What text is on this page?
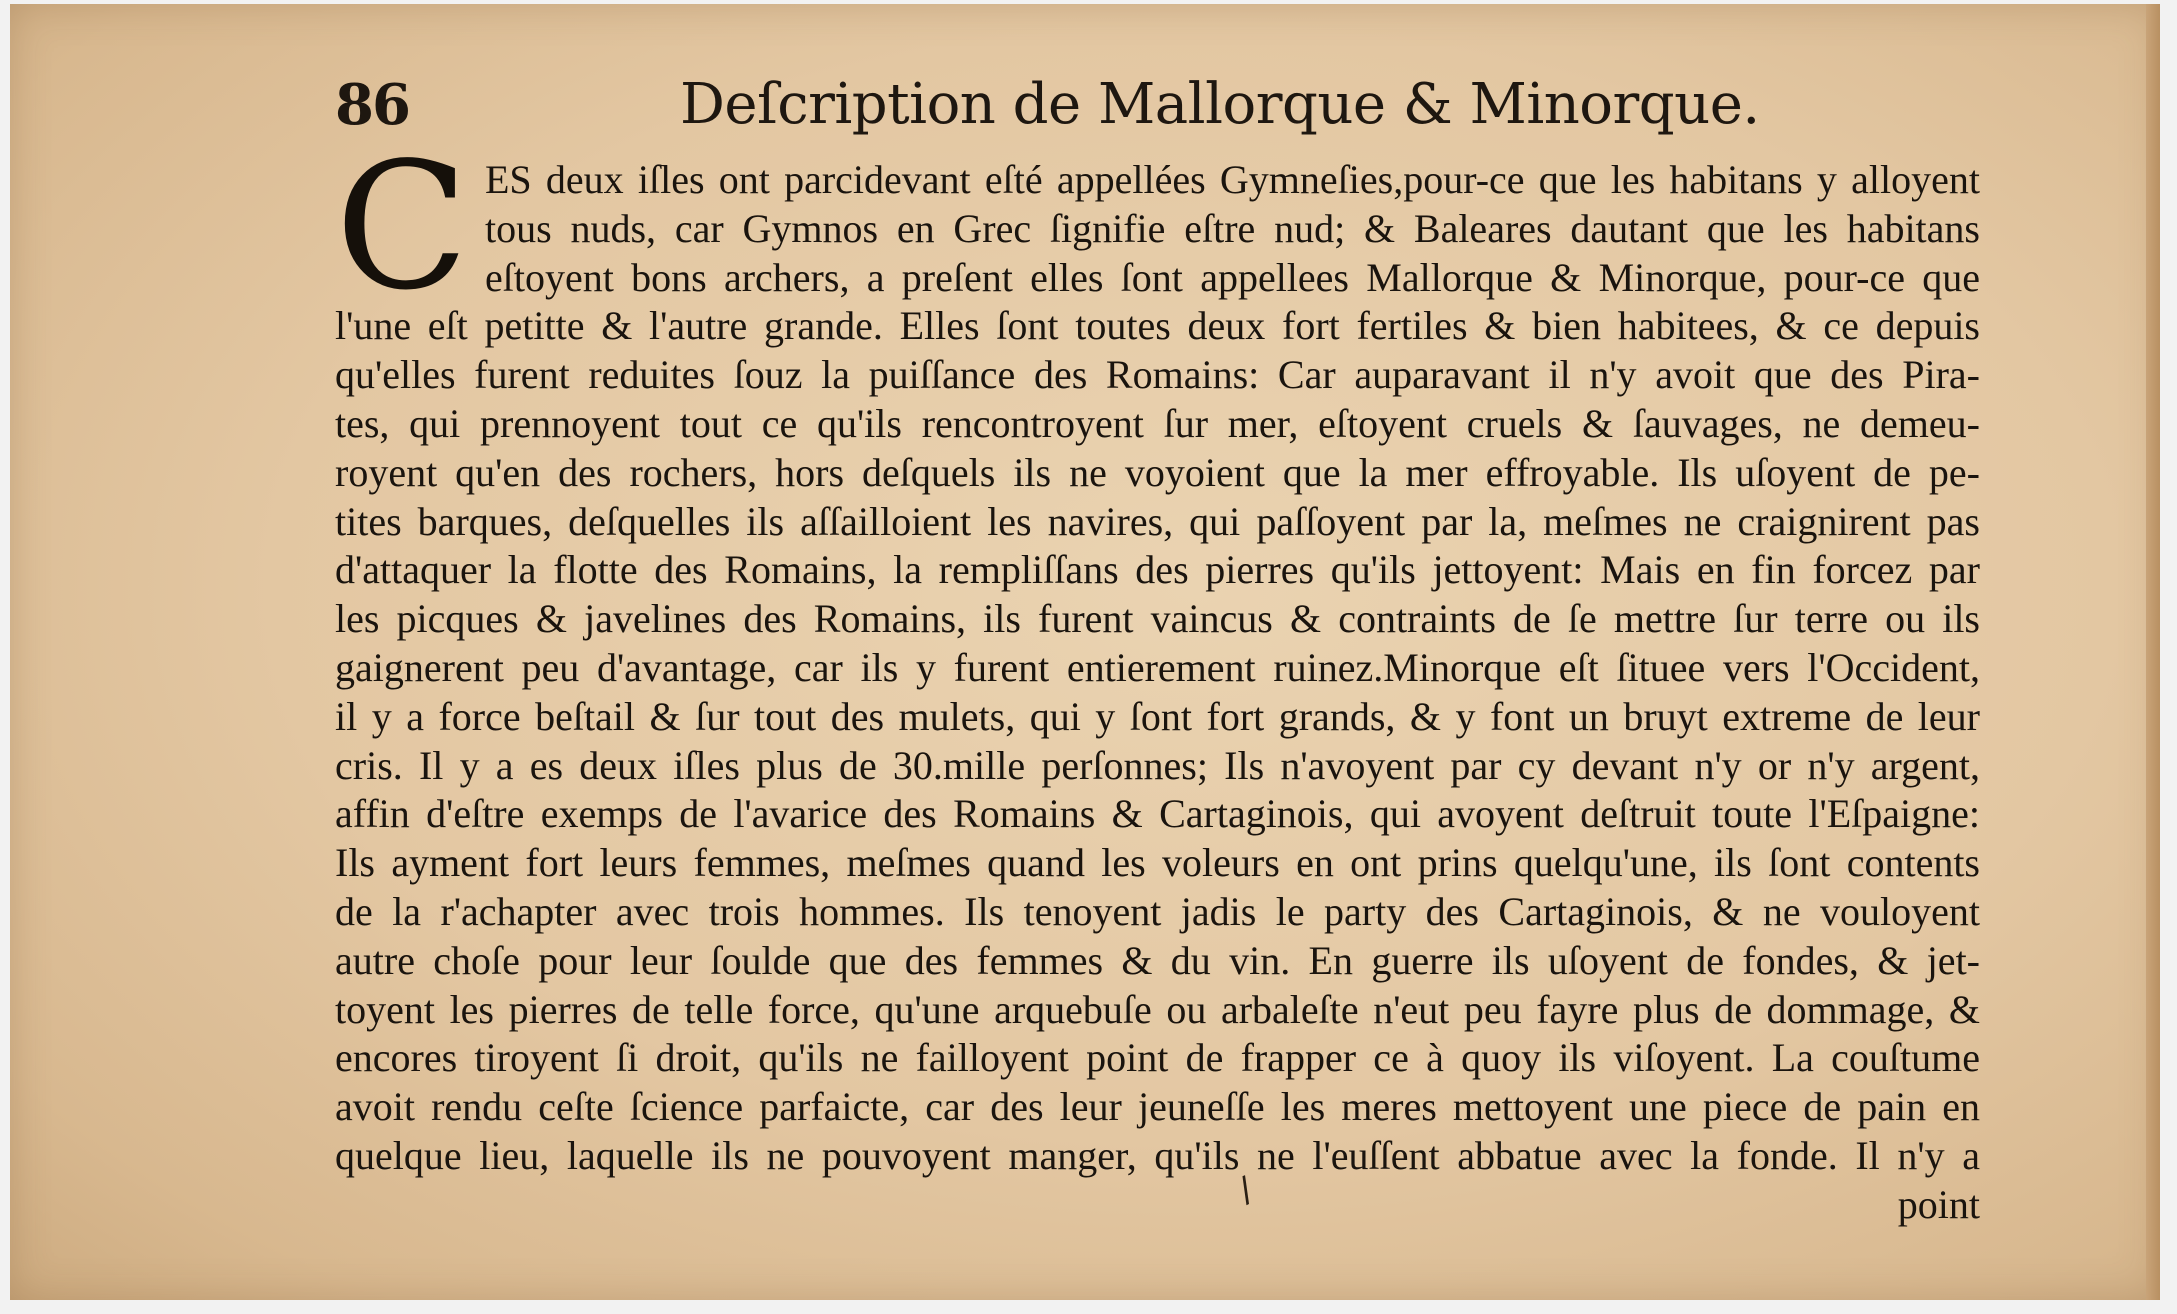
86	Deſcription de Mallorque & Minorque.
C ES deux iſles ont parcidevant eſté appellées Gymneſies,pour-ce que les habitans y alloyent
tous nuds, car Gymnos en Grec ſignifie eſtre nud; & Baleares dautant que les habitans
eſtoyent bons archers, a preſent elles ſont appellees Mallorque & Minorque, pour-ce que
l'une eſt petitte & l'autre grande. Elles ſont toutes deux fort fertiles & bien habitees, & ce depuis
qu'elles furent reduites ſouz la puiſſance des Romains: Car auparavant il n'y avoit que des Pira-
tes, qui prennoyent tout ce qu'ils rencontroyent ſur mer, eſtoyent cruels & ſauvages, ne demeu-
royent qu'en des rochers, hors deſquels ils ne voyoient que la mer effroyable. Ils uſoyent de pe-
tites barques, deſquelles ils aſſailloient les navires, qui paſſoyent par la, meſmes ne craignirent pas
d'attaquer la flotte des Romains, la rempliſſans des pierres qu'ils jettoyent: Mais en fin forcez par
les picques & javelines des Romains, ils furent vaincus & contraints de ſe mettre ſur terre ou ils
gaignerent peu d'avantage, car ils y furent entierement ruinez.Minorque eſt ſituee vers l'Occident,
il y a force beſtail & ſur tout des mulets, qui y ſont fort grands, & y font un bruyt extreme de leur
cris. Il y a es deux iſles plus de 30.mille perſonnes; Ils n'avoyent par cy devant n'y or n'y argent,
affin d'eſtre exemps de l'avarice des Romains & Cartaginois, qui avoyent deſtruit toute l'Eſpaigne:
Ils ayment fort leurs femmes, meſmes quand les voleurs en ont prins quelqu'une, ils ſont contents
de la r'achapter avec trois hommes. Ils tenoyent jadis le party des Cartaginois, & ne vouloyent
autre choſe pour leur ſoulde que des femmes & du vin. En guerre ils uſoyent de fondes, & jet-
toyent les pierres de telle force, qu'une arquebuſe ou arbaleſte n'eut peu fayre plus de dommage, &
encores tiroyent ſi droit, qu'ils ne failloyent point de frapper ce à quoy ils viſoyent. La couſtume
avoit rendu ceſte ſcience parfaicte, car des leur jeuneſſe les meres mettoyent une piece de pain en
quelque lieu, laquelle ils ne pouvoyent manger, qu'ils ne l'euſſent abbatue avec la fonde. Il n'y a
point
/
